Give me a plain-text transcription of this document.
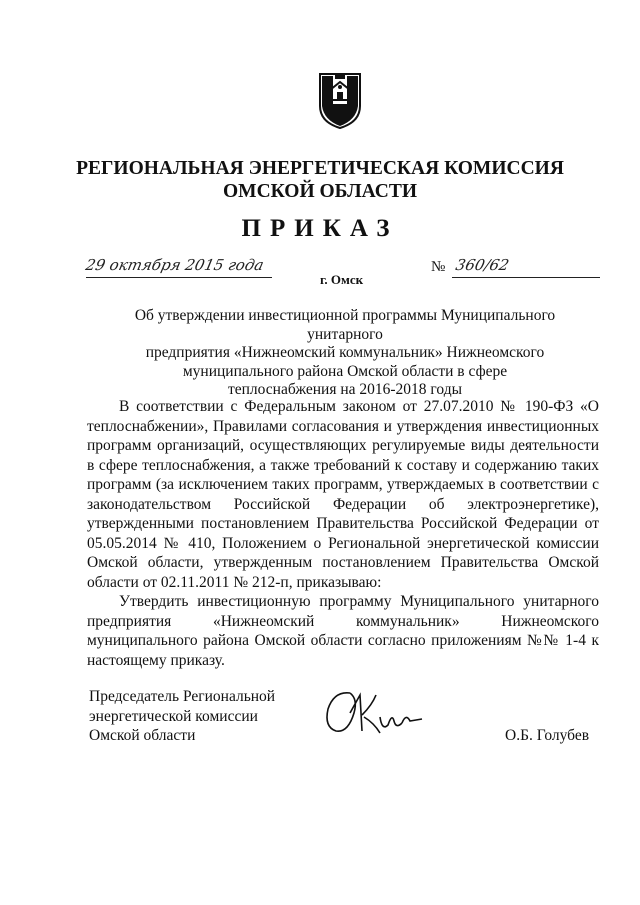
РЕГИОНАЛЬНАЯ ЭНЕРГЕТИЧЕСКАЯ КОМИССИЯ
ОМСКОЙ ОБЛАСТИ
ПРИКАЗ
29 октября 2015 года
г. Омск
№ 360/62
Об утверждении инвестиционной программы Муниципального унитарного
предприятия «Нижнеомский коммунальник» Нижнеомского
муниципального района Омской области в сфере
теплоснабжения на 2016-2018 годы

В соответствии с Федеральным законом от 27.07.2010 № 190-ФЗ «О теплоснабжении», Правилами согласования и утверждения инвестиционных программ организаций, осуществляющих регулируемые виды деятельности в сфере теплоснабжения, а также требований к составу и содержанию таких программ (за исключением таких программ, утверждаемых в соответствии с законодательством Российской Федерации об электроэнергетике), утвержденными постановлением Правительства Российской Федерации от 05.05.2014 № 410, Положением о Региональной энергетической комиссии Омской области, утвержденным постановлением Правительства Омской области от 02.11.2011 № 212-п, приказываю:

Утвердить инвестиционную программу Муниципального унитарного предприятия «Нижнеомский коммунальник» Нижнеомского муниципального района Омской области согласно приложениям №№ 1-4 к настоящему приказу.

Председатель Региональной
энергетической комиссии
Омской области	О.Б. Голубев
